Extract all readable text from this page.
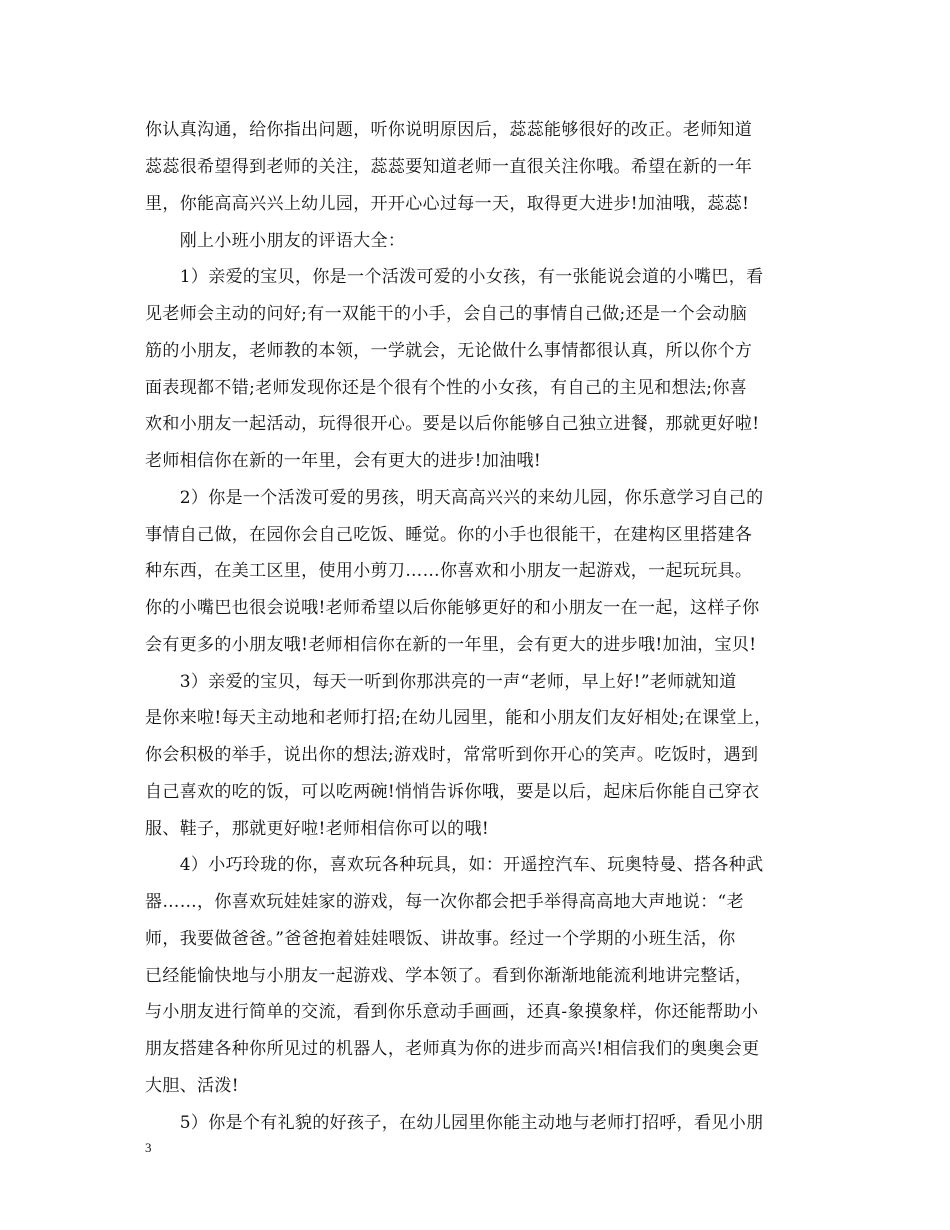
你认真沟通，给你指出问题，听你说明原因后，蕊蕊能够很好的改正。老师知道
蕊蕊很希望得到老师的关注，蕊蕊要知道老师一直很关注你哦。希望在新的一年
里，你能高高兴兴上幼儿园，开开心心过每一天，取得更大进步!加油哦，蕊蕊!
　　刚上小班小朋友的评语大全：
　　1）亲爱的宝贝，你是一个活泼可爱的小女孩，有一张能说会道的小嘴巴，看
见老师会主动的问好;有一双能干的小手，会自己的事情自己做;还是一个会动脑
筋的小朋友，老师教的本领，一学就会，无论做什么事情都很认真，所以你个方
面表现都不错;老师发现你还是个很有个性的小女孩，有自己的主见和想法;你喜
欢和小朋友一起活动，玩得很开心。要是以后你能够自己独立进餐，那就更好啦!
老师相信你在新的一年里，会有更大的进步!加油哦!
　　2）你是一个活泼可爱的男孩，明天高高兴兴的来幼儿园，你乐意学习自己的
事情自己做，在园你会自己吃饭、睡觉。你的小手也很能干，在建构区里搭建各
种东西，在美工区里，使用小剪刀……你喜欢和小朋友一起游戏，一起玩玩具。
你的小嘴巴也很会说哦!老师希望以后你能够更好的和小朋友一在一起，这样子你
会有更多的小朋友哦!老师相信你在新的一年里，会有更大的进步哦!加油，宝贝!
　　3）亲爱的宝贝，每天一听到你那洪亮的一声“老师，早上好!”老师就知道
是你来啦!每天主动地和老师打招;在幼儿园里，能和小朋友们友好相处;在课堂上，
你会积极的举手，说出你的想法;游戏时，常常听到你开心的笑声。吃饭时，遇到
自己喜欢的吃的饭，可以吃两碗!悄悄告诉你哦，要是以后，起床后你能自己穿衣
服、鞋子，那就更好啦!老师相信你可以的哦!
　　4）小巧玲珑的你，喜欢玩各种玩具，如：开遥控汽车、玩奥特曼、搭各种武
器……，你喜欢玩娃娃家的游戏，每一次你都会把手举得高高地大声地说：“老
师，我要做爸爸。”爸爸抱着娃娃喂饭、讲故事。经过一个学期的小班生活，你
已经能愉快地与小朋友一起游戏、学本领了。看到你渐渐地能流利地讲完整话，
与小朋友进行简单的交流，看到你乐意动手画画，还真-象摸象样，你还能帮助小
朋友搭建各种你所见过的机器人，老师真为你的进步而高兴!相信我们的奥奥会更
大胆、活泼!
　　5）你是个有礼貌的好孩子，在幼儿园里你能主动地与老师打招呼，看见小朋
3
